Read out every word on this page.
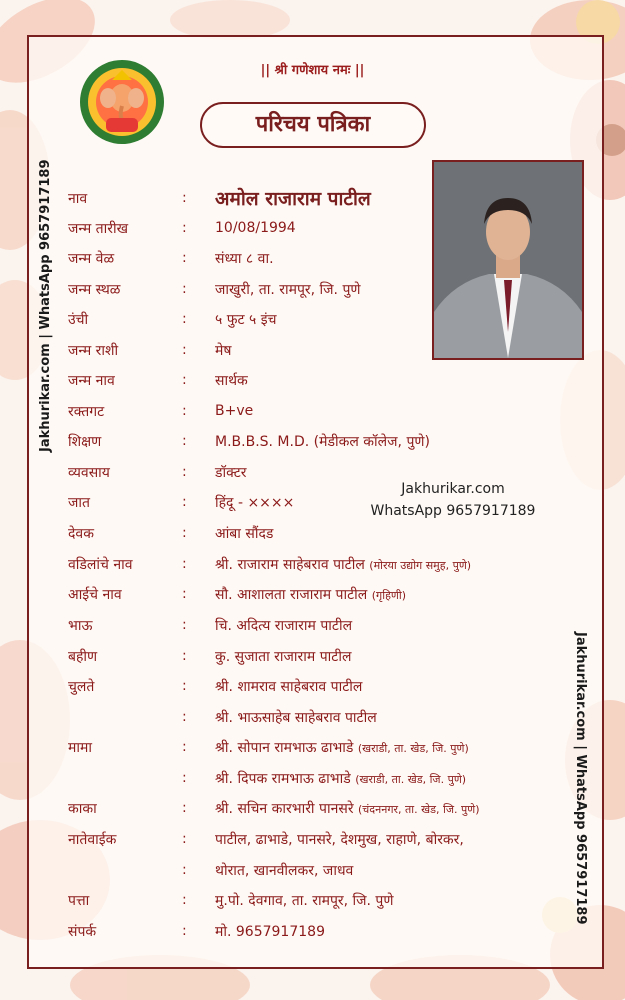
|| श्री गणेशाय नमः ||
परिचय पत्रिका
Jakhurikar.com | WhatsApp 9657917189
Jakhurikar.com | WhatsApp 9657917189
Jakhurikar.com
WhatsApp 9657917189
नाव	: अमोल राजाराम पाटील
जन्म तारीख	: 10/08/1994
जन्म वेळ	: संध्या ८ वा.
जन्म स्थळ	: जाखुरी, ता. रामपूर, जि. पुणे
उंची	: ५ फुट ५ इंच
जन्म राशी	: मेष
जन्म नाव	: सार्थक
रक्तगट	: B+ve
शिक्षण	: M.B.B.S. M.D. (मेडीकल कॉलेज, पुणे)
व्यवसाय	: डॉक्टर
जात	: हिंदू - ××××
देवक	: आंबा सौंदड
वडिलांचे नाव	: श्री. राजाराम साहेबराव पाटील (मोरया उद्योग समुह, पुणे)
आईचे नाव	: सौ. आशालता राजाराम पाटील (गृहिणी)
भाऊ	: चि. अदित्य राजाराम पाटील
बहीण	: कु. सुजाता राजाराम पाटील
चुलते	: श्री. शामराव साहेबराव पाटील
: श्री. भाऊसाहेब साहेबराव पाटील
मामा	: श्री. सोपान रामभाऊ ढाभाडे (खराडी, ता. खेड, जि. पुणे)
: श्री. दिपक रामभाऊ ढाभाडे (खराडी, ता. खेड, जि. पुणे)
काका	: श्री. सचिन कारभारी पानसरे (चंदननगर, ता. खेड, जि. पुणे)
नातेवाईक	: पाटील, ढाभाडे, पानसरे, देशमुख, राहाणे, बोरकर,
: थोरात, खानवीलकर, जाधव
पत्ता	: मु.पो. देवगाव, ता. रामपूर, जि. पुणे
संपर्क	: मो. 9657917189
